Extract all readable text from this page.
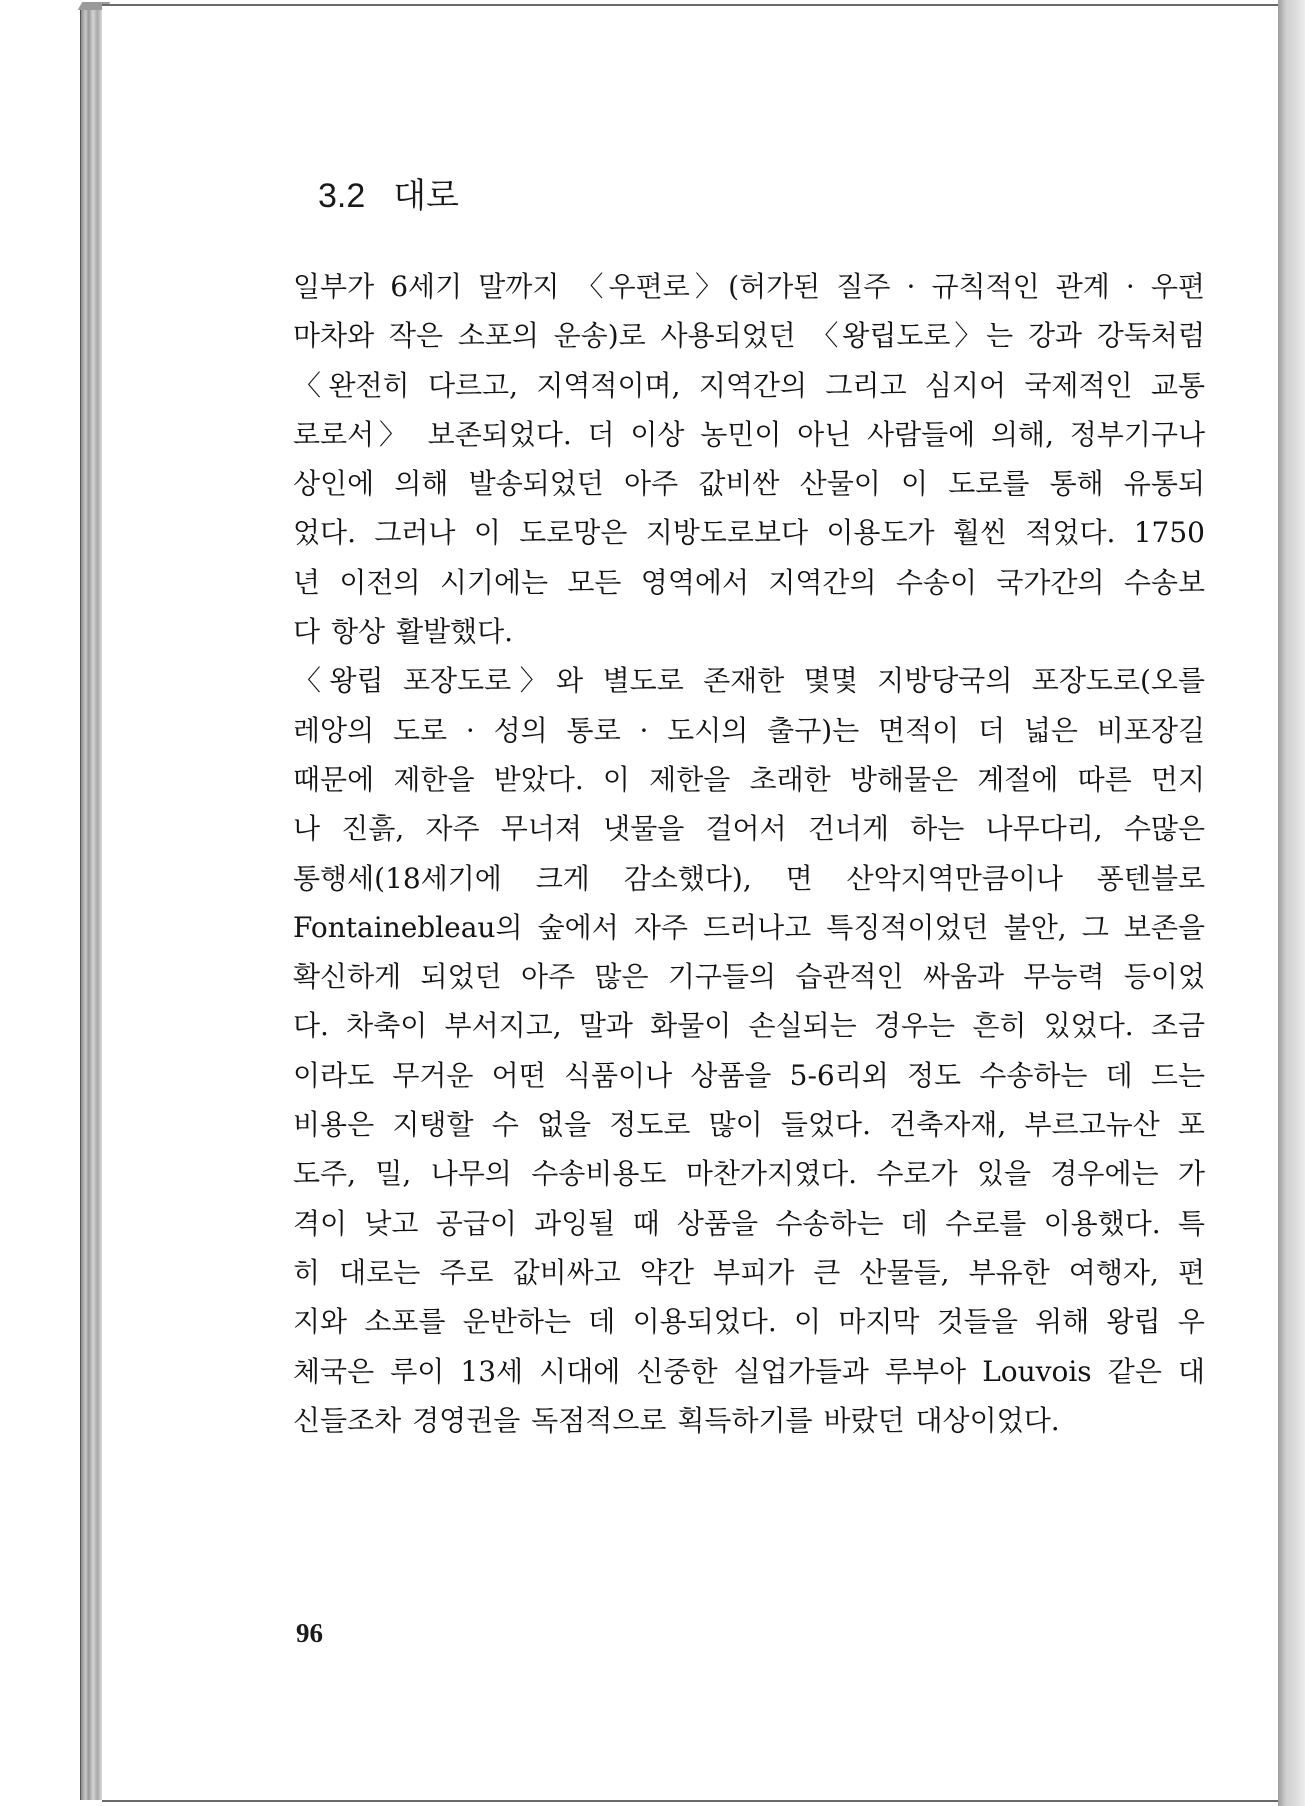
3.2 대로
일부가 6세기 말까지 〈우편로〉(허가된 질주 · 규칙적인 관계 · 우편
마차와 작은 소포의 운송)로 사용되었던 〈왕립도로〉는 강과 강둑처럼
〈완전히 다르고, 지역적이며, 지역간의 그리고 심지어 국제적인 교통
로로서〉 보존되었다. 더 이상 농민이 아닌 사람들에 의해, 정부기구나
상인에 의해 발송되었던 아주 값비싼 산물이 이 도로를 통해 유통되
었다. 그러나 이 도로망은 지방도로보다 이용도가 훨씬 적었다. 1750
년 이전의 시기에는 모든 영역에서 지역간의 수송이 국가간의 수송보
다 항상 활발했다.
〈왕립 포장도로〉와 별도로 존재한 몇몇 지방당국의 포장도로(오를
레앙의 도로 · 성의 통로 · 도시의 출구)는 면적이 더 넓은 비포장길
때문에 제한을 받았다. 이 제한을 초래한 방해물은 계절에 따른 먼지
나 진흙, 자주 무너져 냇물을 걸어서 건너게 하는 나무다리, 수많은
통행세(18세기에 크게 감소했다), 면 산악지역만큼이나 퐁텐블로
Fontainebleau의 숲에서 자주 드러나고 특징적이었던 불안, 그 보존을
확신하게 되었던 아주 많은 기구들의 습관적인 싸움과 무능력 등이었
다. 차축이 부서지고, 말과 화물이 손실되는 경우는 흔히 있었다. 조금
이라도 무거운 어떤 식품이나 상품을 5-6리외 정도 수송하는 데 드는
비용은 지탱할 수 없을 정도로 많이 들었다. 건축자재, 부르고뉴산 포
도주, 밀, 나무의 수송비용도 마찬가지였다. 수로가 있을 경우에는 가
격이 낮고 공급이 과잉될 때 상품을 수송하는 데 수로를 이용했다. 특
히 대로는 주로 값비싸고 약간 부피가 큰 산물들, 부유한 여행자, 편
지와 소포를 운반하는 데 이용되었다. 이 마지막 것들을 위해 왕립 우
체국은 루이 13세 시대에 신중한 실업가들과 루부아 Louvois 같은 대
신들조차 경영권을 독점적으로 획득하기를 바랐던 대상이었다.
96
